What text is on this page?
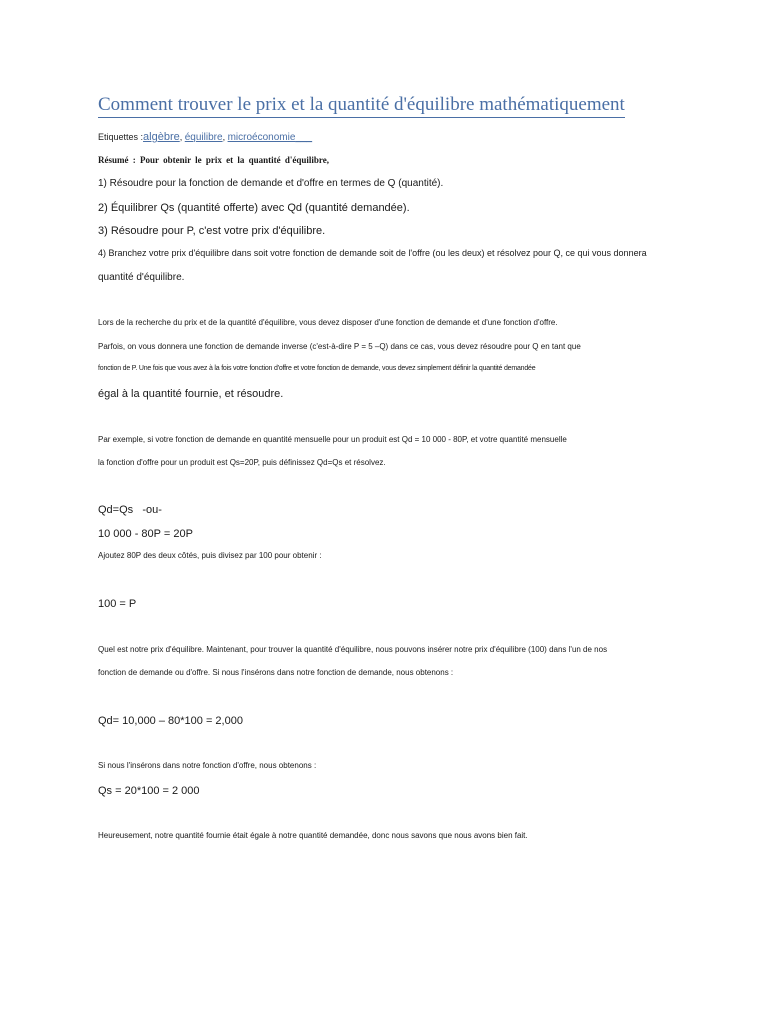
Comment trouver le prix et la quantité d'équilibre mathématiquement
Etiquettes :algèbre, équilibre, microéconomie___
Résumé : Pour obtenir le prix et la quantité d'équilibre,
1) Résoudre pour la fonction de demande et d'offre en termes de Q (quantité).
2) Équilibrer Qs (quantité offerte) avec Qd (quantité demandée).
3) Résoudre pour P, c'est votre prix d'équilibre.
4) Branchez votre prix d'équilibre dans soit votre fonction de demande soit de l'offre (ou les deux) et résolvez pour Q, ce qui vous donnera
quantité d'équilibre.
Lors de la recherche du prix et de la quantité d'équilibre, vous devez disposer d'une fonction de demande et d'une fonction d'offre.
Parfois, on vous donnera une fonction de demande inverse (c'est-à-dire P = 5 –Q) dans ce cas, vous devez résoudre pour Q en tant que
fonction de P. Une fois que vous avez à la fois votre fonction d'offre et votre fonction de demande, vous devez simplement définir la quantité demandée
égal à la quantité fournie, et résoudre.
Par exemple, si votre fonction de demande en quantité mensuelle pour un produit est Qd = 10 000 - 80P, et votre quantité mensuelle
la fonction d'offre pour un produit est Qs=20P, puis définissez Qd=Qs et résolvez.
Qd=Qs   -ou-
10 000 - 80P = 20P
Ajoutez 80P des deux côtés, puis divisez par 100 pour obtenir :
100 = P
Quel est notre prix d'équilibre. Maintenant, pour trouver la quantité d'équilibre, nous pouvons insérer notre prix d'équilibre (100) dans l'un de nos
fonction de demande ou d'offre. Si nous l'insérons dans notre fonction de demande, nous obtenons :
Qd= 10,000 – 80*100 = 2,000
Si nous l'insérons dans notre fonction d'offre, nous obtenons :
Qs = 20*100 = 2 000
Heureusement, notre quantité fournie était égale à notre quantité demandée, donc nous savons que nous avons bien fait.
